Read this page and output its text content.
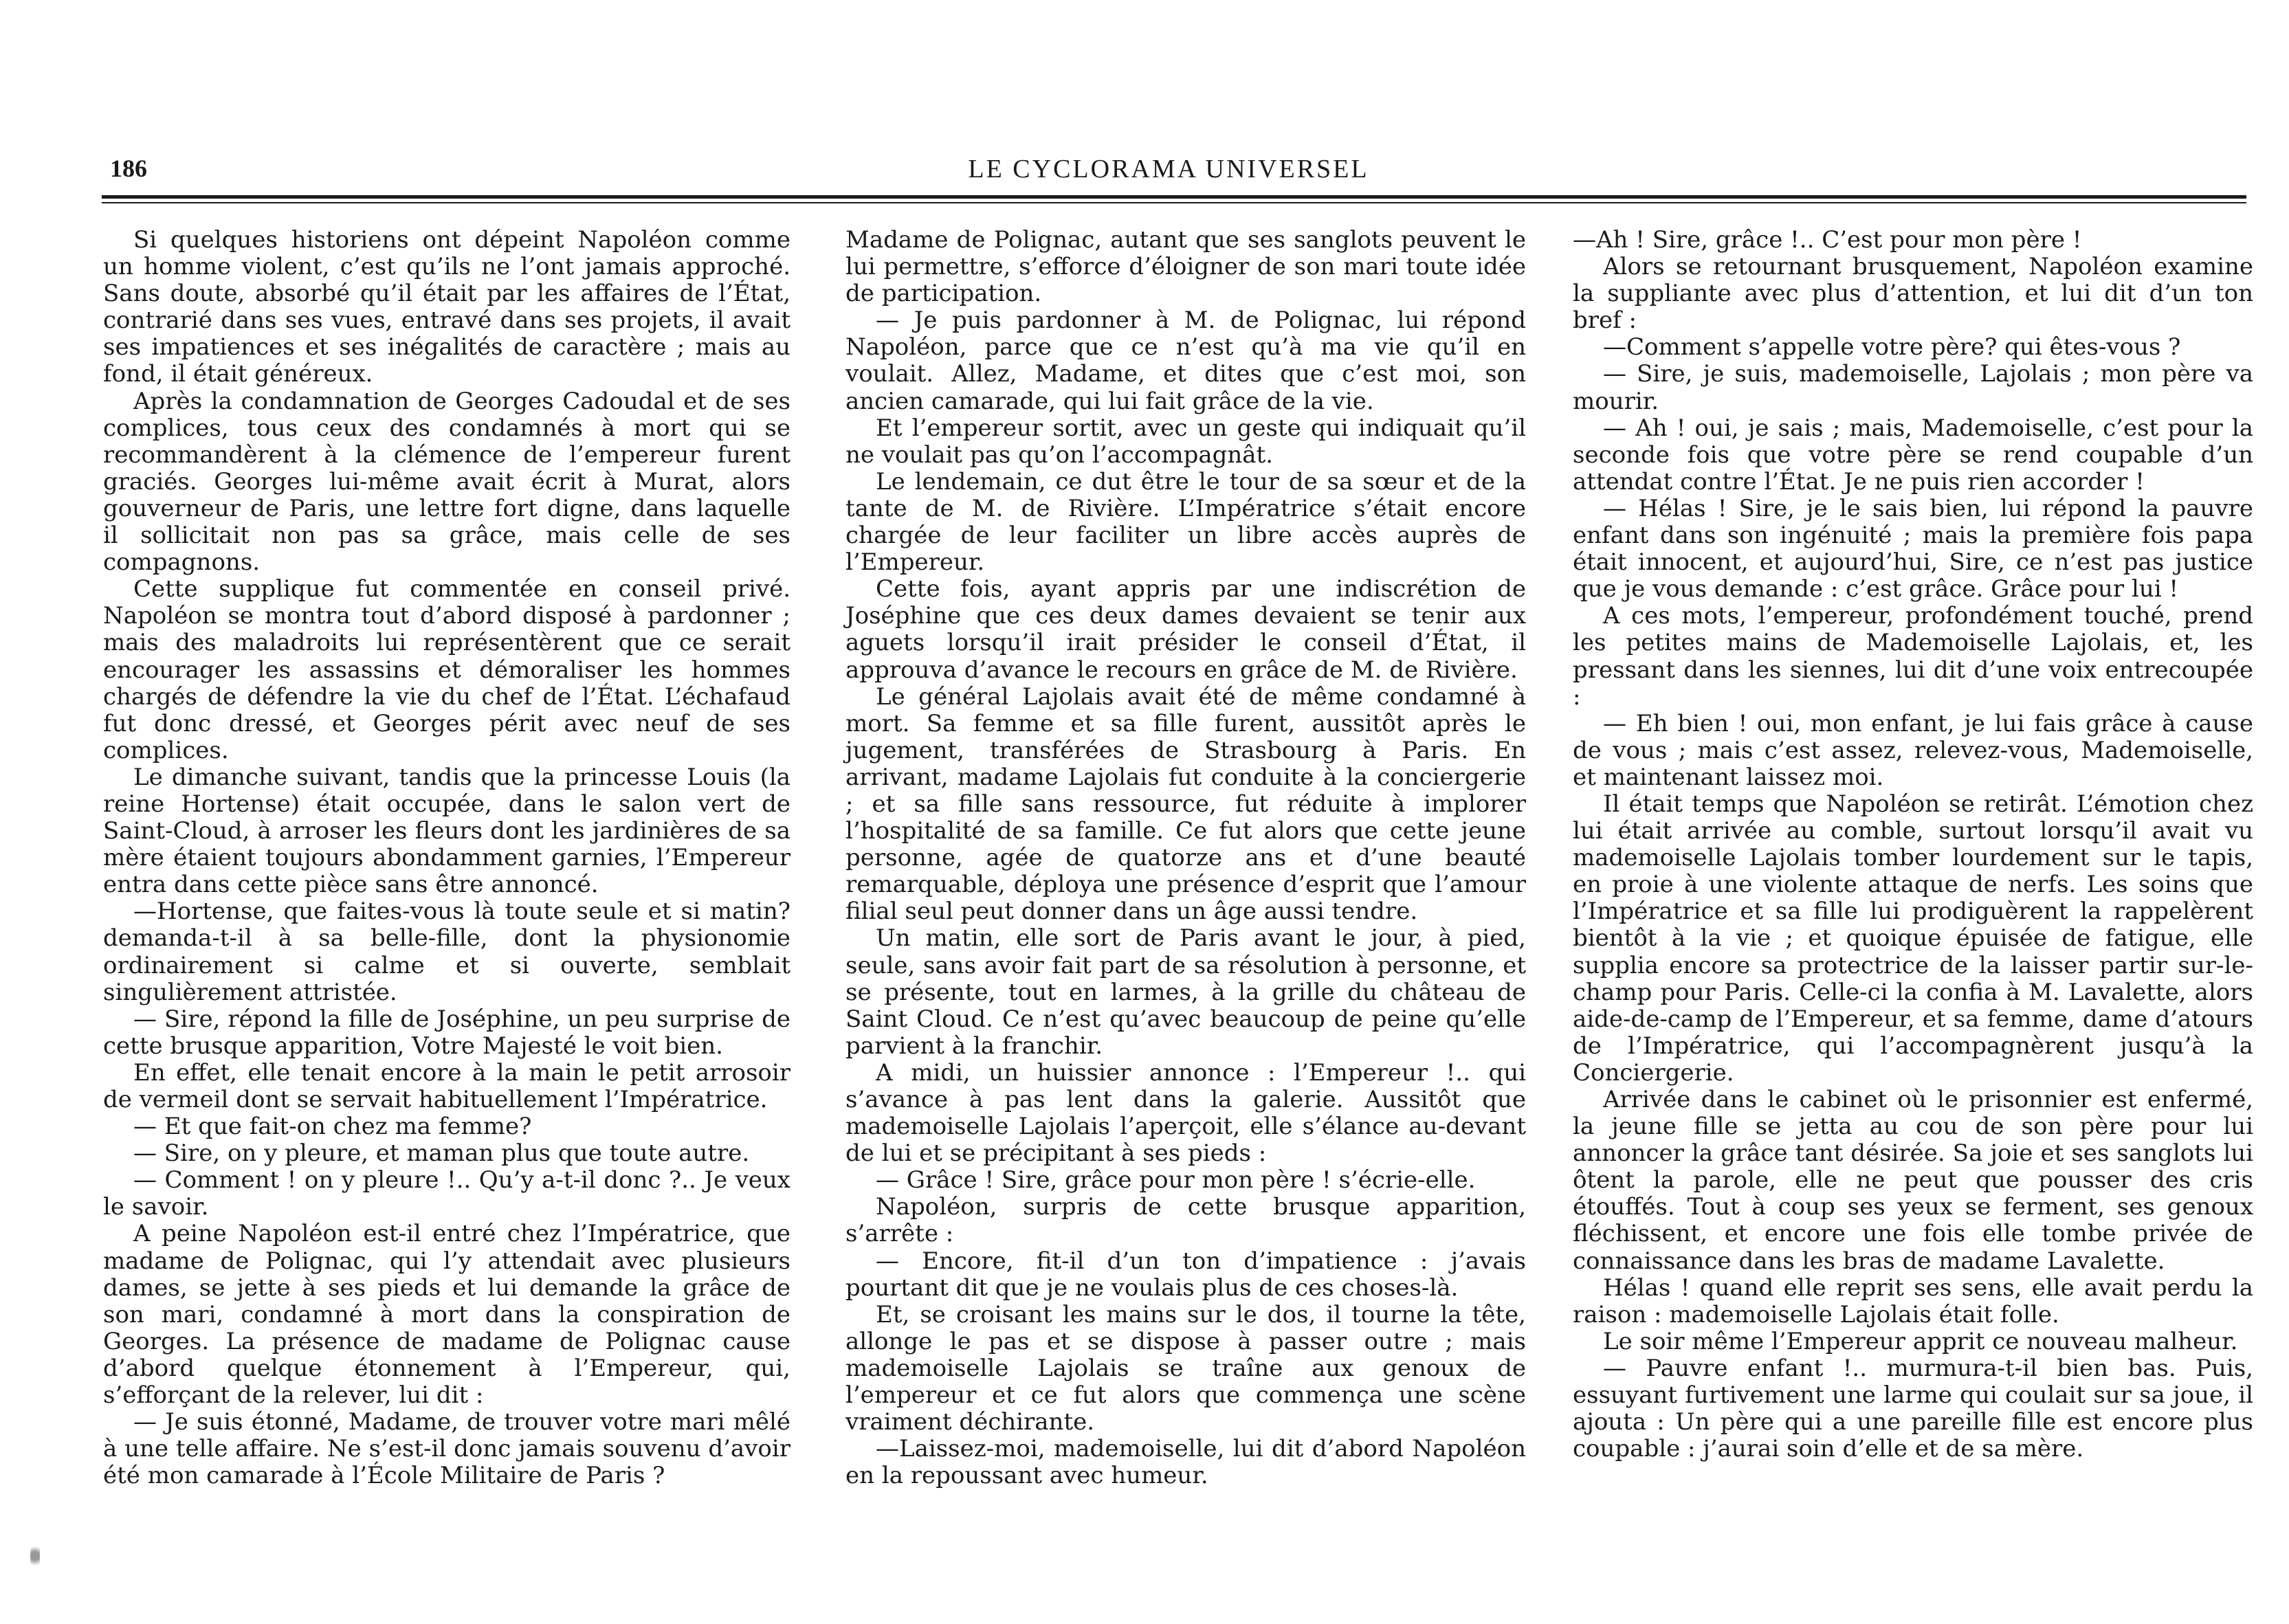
186	LE CYCLORAMA UNIVERSEL

Si quelques historiens ont dépeint Napoléon comme un homme violent, c’est qu’ils ne l’ont jamais approché. Sans doute, absorbé qu’il était par les affaires de l’État, contrarié dans ses vues, entravé dans ses projets, il avait ses impatiences et ses inégalités de caractère ; mais au fond, il était généreux.

Après la condamnation de Georges Cadoudal et de ses complices, tous ceux des condamnés à mort qui se recommandèrent à la clémence de l’empereur furent graciés. Georges lui-même avait écrit à Murat, alors gouverneur de Paris, une lettre fort digne, dans laquelle il sollicitait non pas sa grâce, mais celle de ses compagnons.

Cette supplique fut commentée en conseil privé. Napoléon se montra tout d’abord disposé à pardonner ; mais des maladroits lui représentèrent que ce serait encourager les assassins et démoraliser les hommes chargés de défendre la vie du chef de l’État. L’échafaud fut donc dressé, et Georges périt avec neuf de ses complices.

Le dimanche suivant, tandis que la princesse Louis (la reine Hortense) était occupée, dans le salon vert de Saint-Cloud, à arroser les fleurs dont les jardinières de sa mère étaient toujours abondamment garnies, l’Empereur entra dans cette pièce sans être annoncé.

—Hortense, que faites-vous là toute seule et si matin? demanda-t-il à sa belle-fille, dont la physionomie ordinairement si calme et si ouverte, semblait singulièrement attristée.

— Sire, répond la fille de Joséphine, un peu surprise de cette brusque apparition, Votre Majesté le voit bien.

En effet, elle tenait encore à la main le petit arrosoir de vermeil dont se servait habituellement l’Impératrice.

— Et que fait-on chez ma femme?

— Sire, on y pleure, et maman plus que toute autre.

— Comment ! on y pleure !.. Qu’y a-t-il donc ?.. Je veux le savoir.

A peine Napoléon est-il entré chez l’Impératrice, que madame de Polignac, qui l’y attendait avec plusieurs dames, se jette à ses pieds et lui demande la grâce de son mari, condamné à mort dans la conspiration de Georges. La présence de madame de Polignac cause d’abord quelque étonnement à l’Empereur, qui, s’efforçant de la relever, lui dit :

— Je suis étonné, Madame, de trouver votre mari mêlé à une telle affaire. Ne s’est-il donc jamais souvenu d’avoir été mon camarade à l’École Militaire de Paris ?

Madame de Polignac, autant que ses sanglots peuvent le lui permettre, s’efforce d’éloigner de son mari toute idée de participation.

— Je puis pardonner à M. de Polignac, lui répond Napoléon, parce que ce n’est qu’à ma vie qu’il en voulait. Allez, Madame, et dites que c’est moi, son ancien camarade, qui lui fait grâce de la vie.

Et l’empereur sortit, avec un geste qui indiquait qu’il ne voulait pas qu’on l’accompagnât.

Le lendemain, ce dut être le tour de sa sœur et de la tante de M. de Rivière. L’Impératrice s’était encore chargée de leur faciliter un libre accès auprès de l’Empereur.

Cette fois, ayant appris par une indiscrétion de Joséphine que ces deux dames devaient se tenir aux aguets lorsqu’il irait présider le conseil d’État, il approuva d’avance le recours en grâce de M. de Rivière.

Le général Lajolais avait été de même condamné à mort. Sa femme et sa fille furent, aussitôt après le jugement, transférées de Strasbourg à Paris. En arrivant, madame Lajolais fut conduite à la conciergerie ; et sa fille sans ressource, fut réduite à implorer l’hospitalité de sa famille. Ce fut alors que cette jeune personne, agée de quatorze ans et d’une beauté remarquable, déploya une présence d’esprit que l’amour filial seul peut donner dans un âge aussi tendre.

Un matin, elle sort de Paris avant le jour, à pied, seule, sans avoir fait part de sa résolution à personne, et se présente, tout en larmes, à la grille du château de Saint Cloud. Ce n’est qu’avec beaucoup de peine qu’elle parvient à la franchir.

A midi, un huissier annonce : l’Empereur !.. qui s’avance à pas lent dans la galerie. Aussitôt que mademoiselle Lajolais l’aperçoit, elle s’élance au-devant de lui et se précipitant à ses pieds :

— Grâce ! Sire, grâce pour mon père ! s’écrie-elle.

Napoléon, surpris de cette brusque apparition, s’arrête :

— Encore, fit-il d’un ton d’impatience : j’avais pourtant dit que je ne voulais plus de ces choses-là.

Et, se croisant les mains sur le dos, il tourne la tête, allonge le pas et se dispose à passer outre ; mais mademoiselle Lajolais se traîne aux genoux de l’empereur et ce fut alors que commença une scène vraiment déchirante.

—Laissez-moi, mademoiselle, lui dit d’abord Napoléon en la repoussant avec humeur.

—Ah ! Sire, grâce !.. C’est pour mon père !

Alors se retournant brusquement, Napoléon examine la suppliante avec plus d’attention, et lui dit d’un ton bref :

—Comment s’appelle votre père? qui êtes-vous ?

— Sire, je suis, mademoiselle, Lajolais ; mon père va mourir.

— Ah ! oui, je sais ; mais, Mademoiselle, c’est pour la seconde fois que votre père se rend coupable d’un attendat contre l’État. Je ne puis rien accorder !

— Hélas ! Sire, je le sais bien, lui répond la pauvre enfant dans son ingénuité ; mais la première fois papa était innocent, et aujourd’hui, Sire, ce n’est pas justice que je vous demande : c’est grâce. Grâce pour lui !

A ces mots, l’empereur, profondément touché, prend les petites mains de Mademoiselle Lajolais, et, les pressant dans les siennes, lui dit d’une voix entrecoupée :

— Eh bien ! oui, mon enfant, je lui fais grâce à cause de vous ; mais c’est assez, relevez-vous, Mademoiselle, et maintenant laissez moi.

Il était temps que Napoléon se retirât. L’émotion chez lui était arrivée au comble, surtout lorsqu’il avait vu mademoiselle Lajolais tomber lourdement sur le tapis, en proie à une violente attaque de nerfs. Les soins que l’Impératrice et sa fille lui prodiguèrent la rappelèrent bientôt à la vie ; et quoique épuisée de fatigue, elle supplia encore sa protectrice de la laisser partir sur-le-champ pour Paris. Celle-ci la confia à M. Lavalette, alors aide-de-camp de l’Empereur, et sa femme, dame d’atours de l’Impératrice, qui l’accompagnèrent jusqu’à la Conciergerie.

Arrivée dans le cabinet où le prisonnier est enfermé, la jeune fille se jetta au cou de son père pour lui annoncer la grâce tant désirée. Sa joie et ses sanglots lui ôtent la parole, elle ne peut que pousser des cris étouffés. Tout à coup ses yeux se ferment, ses genoux fléchissent, et encore une fois elle tombe privée de connaissance dans les bras de madame Lavalette.

Hélas ! quand elle reprit ses sens, elle avait perdu la raison : mademoiselle Lajolais était folle.

Le soir même l’Empereur apprit ce nouveau malheur.

— Pauvre enfant !.. murmura-t-il bien bas. Puis, essuyant furtivement une larme qui coulait sur sa joue, il ajouta : Un père qui a une pareille fille est encore plus coupable : j’aurai soin d’elle et de sa mère.
